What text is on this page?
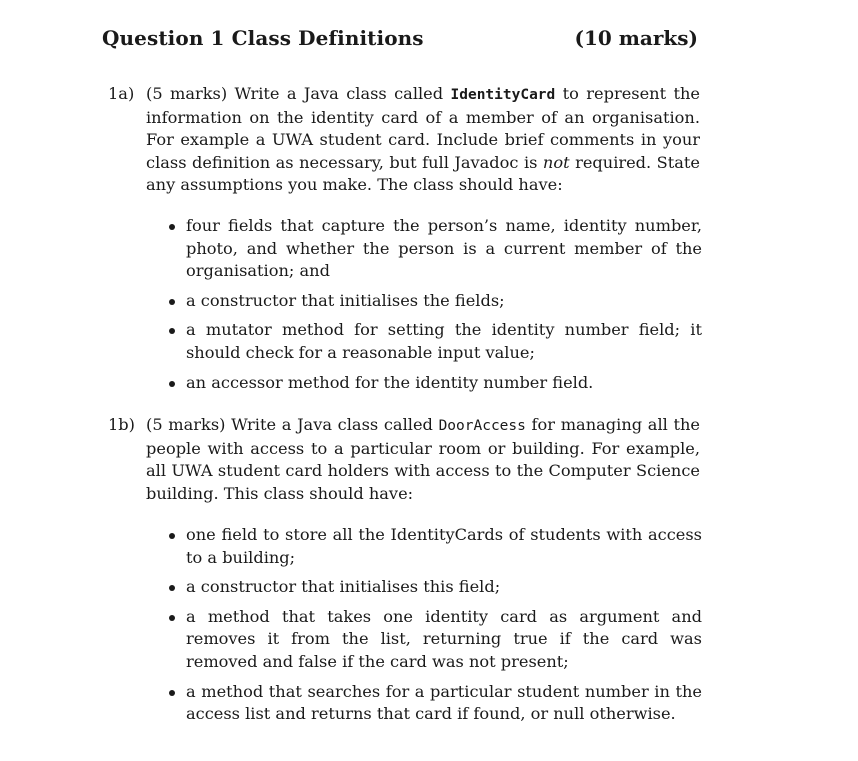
Question 1 Class Definitions	(10 marks)
1a) (5 marks) Write a Java class called IdentityCard to represent the information on the identity card of a member of an organisation. For example a UWA student card. Include brief comments in your class definition as necessary, but full Javadoc is not required. State any assumptions you make. The class should have:
four fields that capture the person’s name, identity number, photo, and whether the person is a current member of the organisation; and
a constructor that initialises the fields;
a mutator method for setting the identity number field; it should check for a reasonable input value;
an accessor method for the identity number field.
1b) (5 marks) Write a Java class called DoorAccess for managing all the people with access to a particular room or building. For example, all UWA student card holders with access to the Computer Science building. This class should have:
one field to store all the IdentityCards of students with access to a building;
a constructor that initialises this field;
a method that takes one identity card as argument and removes it from the list, returning true if the card was removed and false if the card was not present;
a method that searches for a particular student number in the access list and returns that card if found, or null otherwise.
